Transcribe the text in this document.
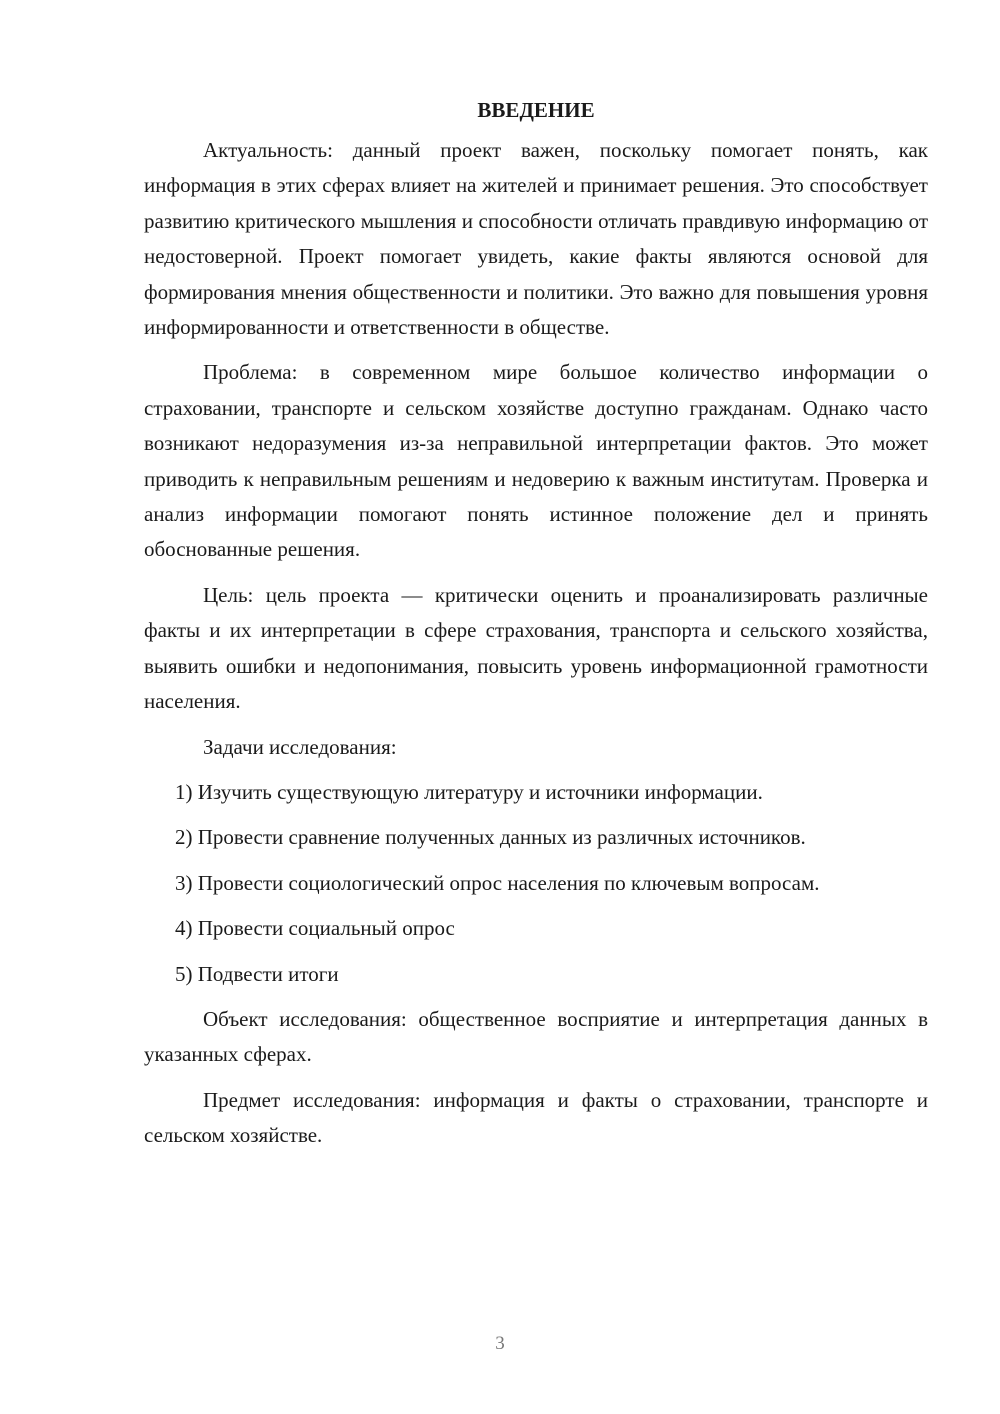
ВВЕДЕНИЕ

Актуальность: данный проект важен, поскольку помогает понять, как информация в этих сферах влияет на жителей и принимает решения. Это способствует развитию критического мышления и способности отличать правдивую информацию от недостоверной. Проект помогает увидеть, какие факты являются основой для формирования мнения общественности и политики. Это важно для повышения уровня информированности и ответственности в обществе.

Проблема: в современном мире большое количество информации о страховании, транспорте и сельском хозяйстве доступно гражданам. Однако часто возникают недоразумения из-за неправильной интерпретации фактов. Это может приводить к неправильным решениям и недоверию к важным институтам. Проверка и анализ информации помогают понять истинное положение дел и принять обоснованные решения.

Цель: цель проекта — критически оценить и проанализировать различные факты и их интерпретации в сфере страхования, транспорта и сельского хозяйства, выявить ошибки и недопонимания, повысить уровень информационной грамотности населения.

Задачи исследования:

1) Изучить существующую литературу и источники информации.

2) Провести сравнение полученных данных из различных источников.

3) Провести социологический опрос населения по ключевым вопросам.

4) Провести социальный опрос

5) Подвести итоги

Объект исследования: общественное восприятие и интерпретация данных в указанных сферах.

Предмет исследования: информация и факты о страховании, транспорте и сельском хозяйстве.

3
